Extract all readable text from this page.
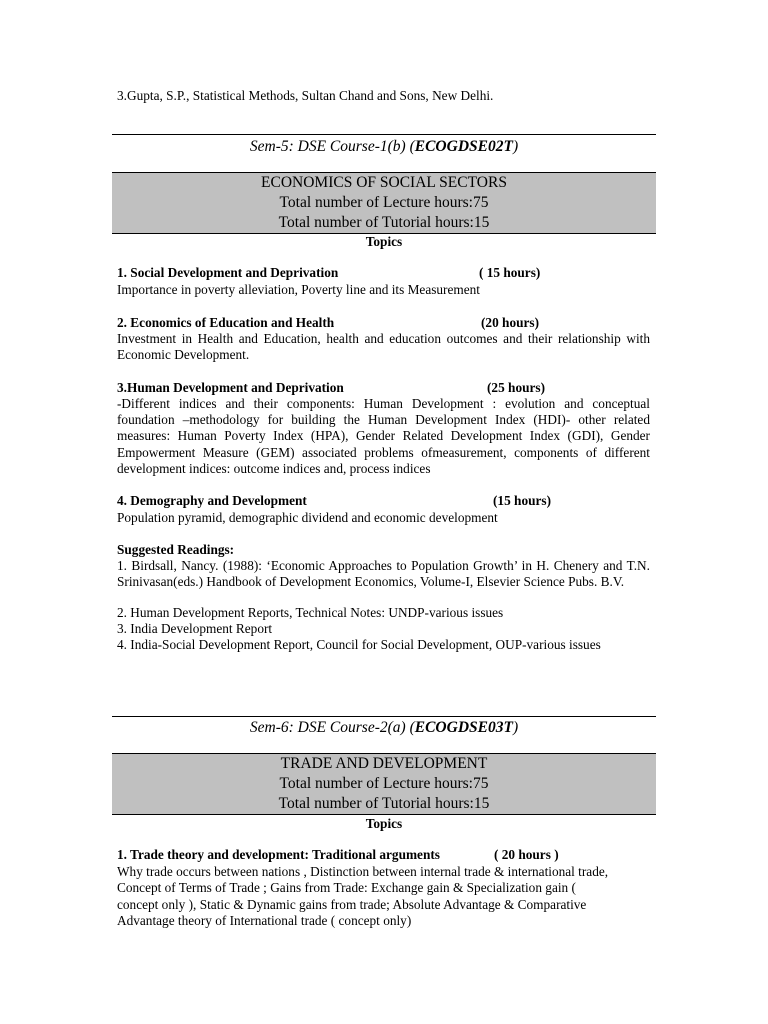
3.Gupta, S.P., Statistical Methods, Sultan Chand and Sons, New Delhi.
Sem-5: DSE Course-1(b) (ECOGDSE02T)
ECONOMICS OF SOCIAL SECTORS
Total number of Lecture hours:75
Total number of Tutorial hours:15
Topics
1. Social Development and Deprivation	( 15 hours)
Importance in poverty alleviation, Poverty line and its Measurement
2. Economics of Education and Health	(20 hours)
Investment in Health and Education, health and education outcomes and their relationship with Economic Development.
3.Human Development and Deprivation	(25 hours)
-Different indices and their components: Human Development : evolution and conceptual foundation –methodology for building the Human Development Index (HDI)- other related measures: Human Poverty Index (HPA), Gender Related Development Index (GDI), Gender Empowerment Measure (GEM) associated problems ofmeasurement, components of different development indices: outcome indices and, process indices
4. Demography and Development	(15 hours)
Population pyramid, demographic dividend and economic development
Suggested Readings:
1. Birdsall, Nancy. (1988): ‘Economic Approaches to Population Growth’ in H. Chenery and T.N. Srinivasan(eds.) Handbook of Development Economics, Volume-I, Elsevier Science Pubs. B.V.
2. Human Development Reports, Technical Notes: UNDP-various issues
3. India Development Report
4. India-Social Development Report, Council for Social Development, OUP-various issues
Sem-6: DSE Course-2(a) (ECOGDSE03T)
TRADE AND DEVELOPMENT
Total number of Lecture hours:75
Total number of Tutorial hours:15
Topics
1. Trade theory and development: Traditional arguments	( 20 hours )
Why trade occurs between nations , Distinction between internal trade & international trade,
Concept of Terms of Trade ; Gains from Trade: Exchange gain & Specialization gain (
concept only ), Static & Dynamic gains from trade; Absolute Advantage & Comparative
Advantage theory of International trade ( concept only)
